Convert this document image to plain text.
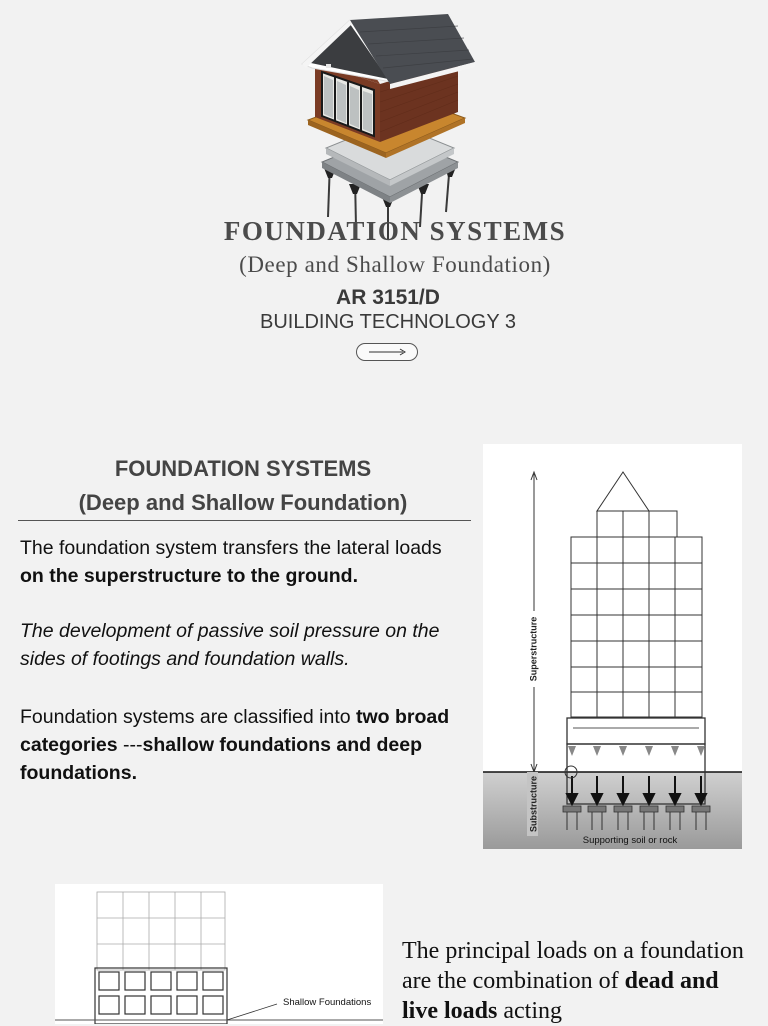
FOUNDATION SYSTEMS
(Deep and Shallow Foundation)
AR 3151/D
BUILDING TECHNOLOGY 3
FOUNDATION SYSTEMS
(Deep and Shallow Foundation)

The foundation system transfers the lateral loads on the superstructure to the ground.

The development of passive soil pressure on the sides of footings and foundation walls.

Foundation systems are classified into two broad categories ---shallow foundations and deep foundations.

Superstructure
Substructure
Supporting soil or rock
Shallow Foundations

The principal loads on a foundation are the combination of dead and live loads acting
